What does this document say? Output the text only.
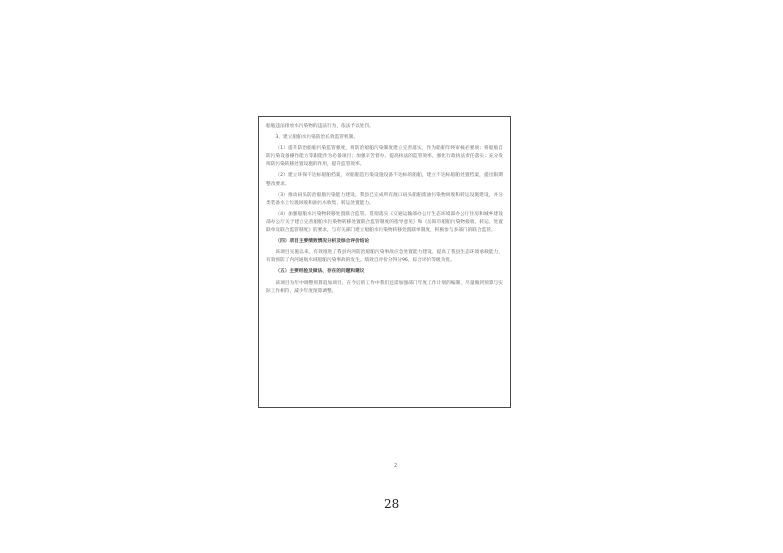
船舶违法排放水污染物的违法行为，依法予以处罚。

3、建立船舶水污染防治长效监管机制。

（1）提升防治船舶污染监管强度，将防治船舶污染制度建立完善落实，作为船舶年终审核必要项；将船舶自防污染设备操作能力等职能作为必备项目；加强辛苦督办，提高执法的监管效率，强化行政执法责任落实；充分发挥防污染转移处置设施的作用，提升监管效率。

（2）建立环保不达标船舶档案，对船舶造污染设施设备不达标的船舶，建立不达标船舶处置档案，提出限期整改要求。

（3）推动码头防治船舶污染能力建设。我县已完成所有渡口码头船舶废油污染物回收和转运设施建设，并分类装备水上垃圾回收和油污水收集、转运处置能力。

（4）加强船舶水污染物转移处置联合监管。贯彻落实《交通运输部办公厅生态环境部办公厅住房和城乡建设部办公厅关于建立完善船舶水污染物转移处置联合监管制度的指导意见》和《岳阳市船舶污染物接收、转运、处置联单及联合监管制度》的要求，与有关部门建立船舶水污染物转移处置联单制度，积极参与多部门的联合监管。

（四）项目主要绩效情况分析及综合评价结论

该项目实施以来，有效推进了我县内河防治船舶污染事故应急处置能力建设，提高了我县生态环境承载能力，有效预防了内河通航水域船舶污染事故的发生。绩效自评价分得分96，综合评价等级为优。

（五）主要经验及做法、存在的问题和建议

该项目为年中调整预算追加项目，在今后的工作中我们还需加强部门年度工作计划的编制，尽量做到预算与实际工作相符，减少年度预算调整。

2
28
